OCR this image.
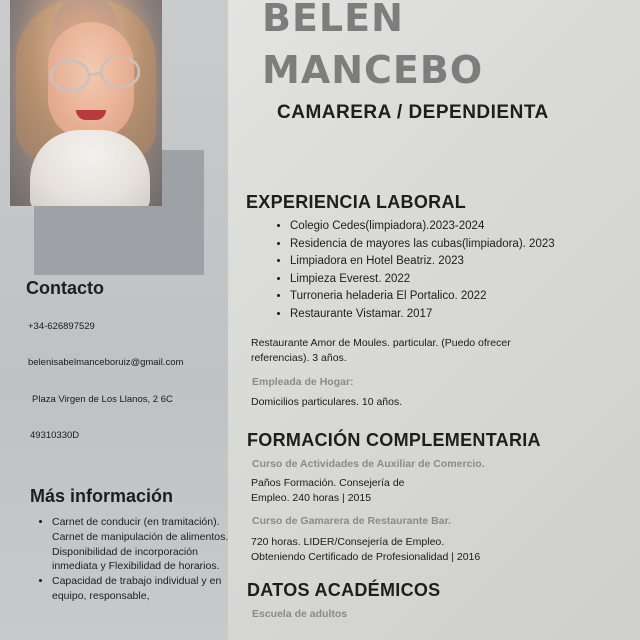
BELEN
MANCEBO
CAMARERA / DEPENDIENTA
Contacto

+34-626897529

belenisabelmanceboruiz@gmail.com

Plaza Virgen de Los Llanos, 2 6C

49310330D

Más información
• Carnet de conducir (en tramitación). Carnet de manipulación de alimentos. Disponibilidad de incorporación inmediata y Flexibilidad de horarios.
• Capacidad de trabajo individual y en equipo, responsable,
EXPERIENCIA LABORAL
• Colegio Cedes(limpiadora).2023-2024
• Residencia de mayores las cubas(limpiadora). 2023
• Limpiadora en Hotel Beatriz. 2023
• Limpieza Everest. 2022
• Turroneria heladeria El Portalico. 2022
• Restaurante Vistamar. 2017

Restaurante Amor de Moules. particular. (Puedo ofrecer

referencias). 3 años.

Empleada de Hogar:

Domicilios particulares. 10 años.

FORMACIÓN COMPLEMENTARIA

Curso de Actividades de Auxiliar de Comercio.

Paños Formación. Consejería de

Empleo. 240 horas | 2015

Curso de Gamarera de Restaurante Bar.

720 horas. LIDER/Consejería de Empleo.

Obteniendo Certificado de Profesionalidad | 2016

DATOS ACADÉMICOS

Escuela de adultos
